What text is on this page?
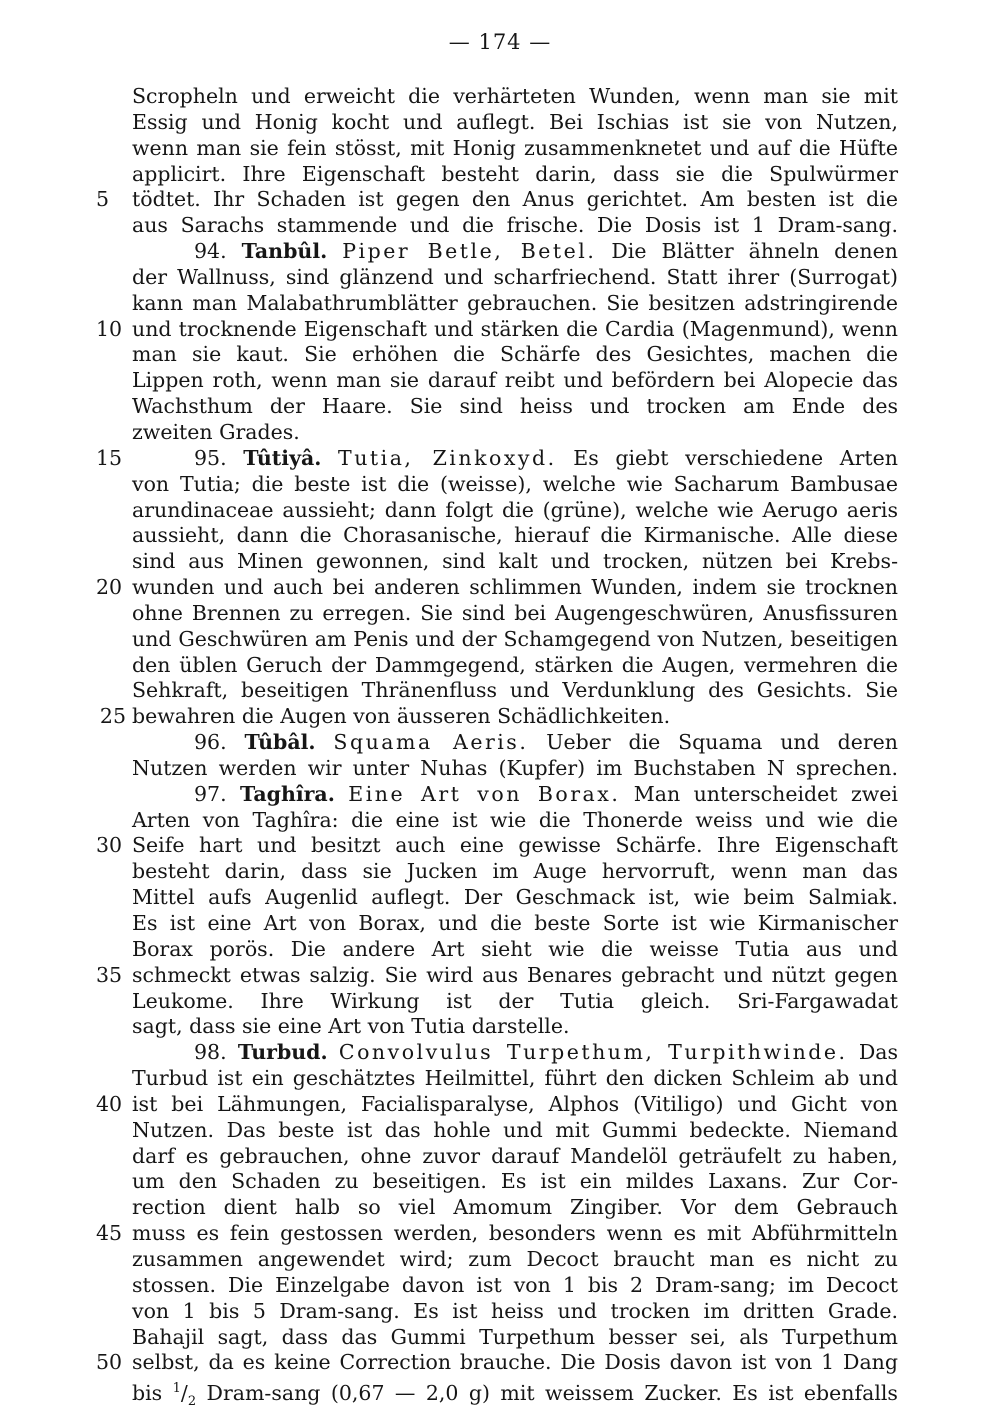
— 174 —
Scropheln und erweicht die verhärteten Wunden, wenn man sie mit
Essig und Honig kocht und auflegt. Bei Ischias ist sie von Nutzen,
wenn man sie fein stösst, mit Honig zusammenknetet und auf die Hüfte
applicirt. Ihre Eigenschaft besteht darin, dass sie die Spulwürmer
5	tödtet. Ihr Schaden ist gegen den Anus gerichtet. Am besten ist die
aus Sarachs stammende und die frische. Die Dosis ist 1 Dram-sang.
94. Tanbûl. Piper Betle, Betel. Die Blätter ähneln denen
der Wallnuss, sind glänzend und scharfriechend. Statt ihrer (Surrogat)
kann man Malabathrumblätter gebrauchen. Sie besitzen adstringirende
10 und trocknende Eigenschaft und stärken die Cardia (Magenmund), wenn
man sie kaut. Sie erhöhen die Schärfe des Gesichtes, machen die
Lippen roth, wenn man sie darauf reibt und befördern bei Alopecie das
Wachsthum der Haare. Sie sind heiss und trocken am Ende des
zweiten Grades.
15	95. Tûtiyâ. Tutia, Zinkoxyd. Es giebt verschiedene Arten
von Tutia; die beste ist die (weisse), welche wie Sacharum Bambusae
arundinaceae aussieht; dann folgt die (grüne), welche wie Aerugo aeris
aussieht, dann die Chorasanische, hierauf die Kirmanische. Alle diese
sind aus Minen gewonnen, sind kalt und trocken, nützen bei Krebs-
20 wunden und auch bei anderen schlimmen Wunden, indem sie trocknen
ohne Brennen zu erregen. Sie sind bei Augengeschwüren, Anusfissuren
und Geschwüren am Penis und der Schamgegend von Nutzen, beseitigen
den üblen Geruch der Dammgegend, stärken die Augen, vermehren die
Sehkraft, beseitigen Thränenfluss und Verdunklung des Gesichts. Sie
25 bewahren die Augen von äusseren Schädlichkeiten.
96. Tûbâl. Squama Aeris. Ueber die Squama und deren
Nutzen werden wir unter Nuhas (Kupfer) im Buchstaben N sprechen.
97. Taghîra. Eine Art von Borax. Man unterscheidet zwei
Arten von Taghîra: die eine ist wie die Thonerde weiss und wie die
30 Seife hart und besitzt auch eine gewisse Schärfe. Ihre Eigenschaft
besteht darin, dass sie Jucken im Auge hervorruft, wenn man das
Mittel aufs Augenlid auflegt. Der Geschmack ist, wie beim Salmiak.
Es ist eine Art von Borax, und die beste Sorte ist wie Kirmanischer
Borax porös. Die andere Art sieht wie die weisse Tutia aus und
35 schmeckt etwas salzig. Sie wird aus Benares gebracht und nützt gegen
Leukome. Ihre Wirkung ist der Tutia gleich. Sri-Fargawadat
sagt, dass sie eine Art von Tutia darstelle.
98. Turbud. Convolvulus Turpethum, Turpithwinde. Das
Turbud ist ein geschätztes Heilmittel, führt den dicken Schleim ab und
40 ist bei Lähmungen, Facialisparalyse, Alphos (Vitiligo) und Gicht von
Nutzen. Das beste ist das hohle und mit Gummi bedeckte. Niemand
darf es gebrauchen, ohne zuvor darauf Mandelöl geträufelt zu haben,
um den Schaden zu beseitigen. Es ist ein mildes Laxans. Zur Cor-
rection dient halb so viel Amomum Zingiber. Vor dem Gebrauch
45 muss es fein gestossen werden, besonders wenn es mit Abführmitteln
zusammen angewendet wird; zum Decoct braucht man es nicht zu
stossen. Die Einzelgabe davon ist von 1 bis 2 Dram-sang; im Decoct
von 1 bis 5 Dram-sang. Es ist heiss und trocken im dritten Grade.
Bahajil sagt, dass das Gummi Turpethum besser sei, als Turpethum
50 selbst, da es keine Correction brauche. Die Dosis davon ist von 1 Dang
bis $^1/_2$ Dram-sang (0,67 — 2,0 g) mit weissem Zucker. Es ist ebenfalls
